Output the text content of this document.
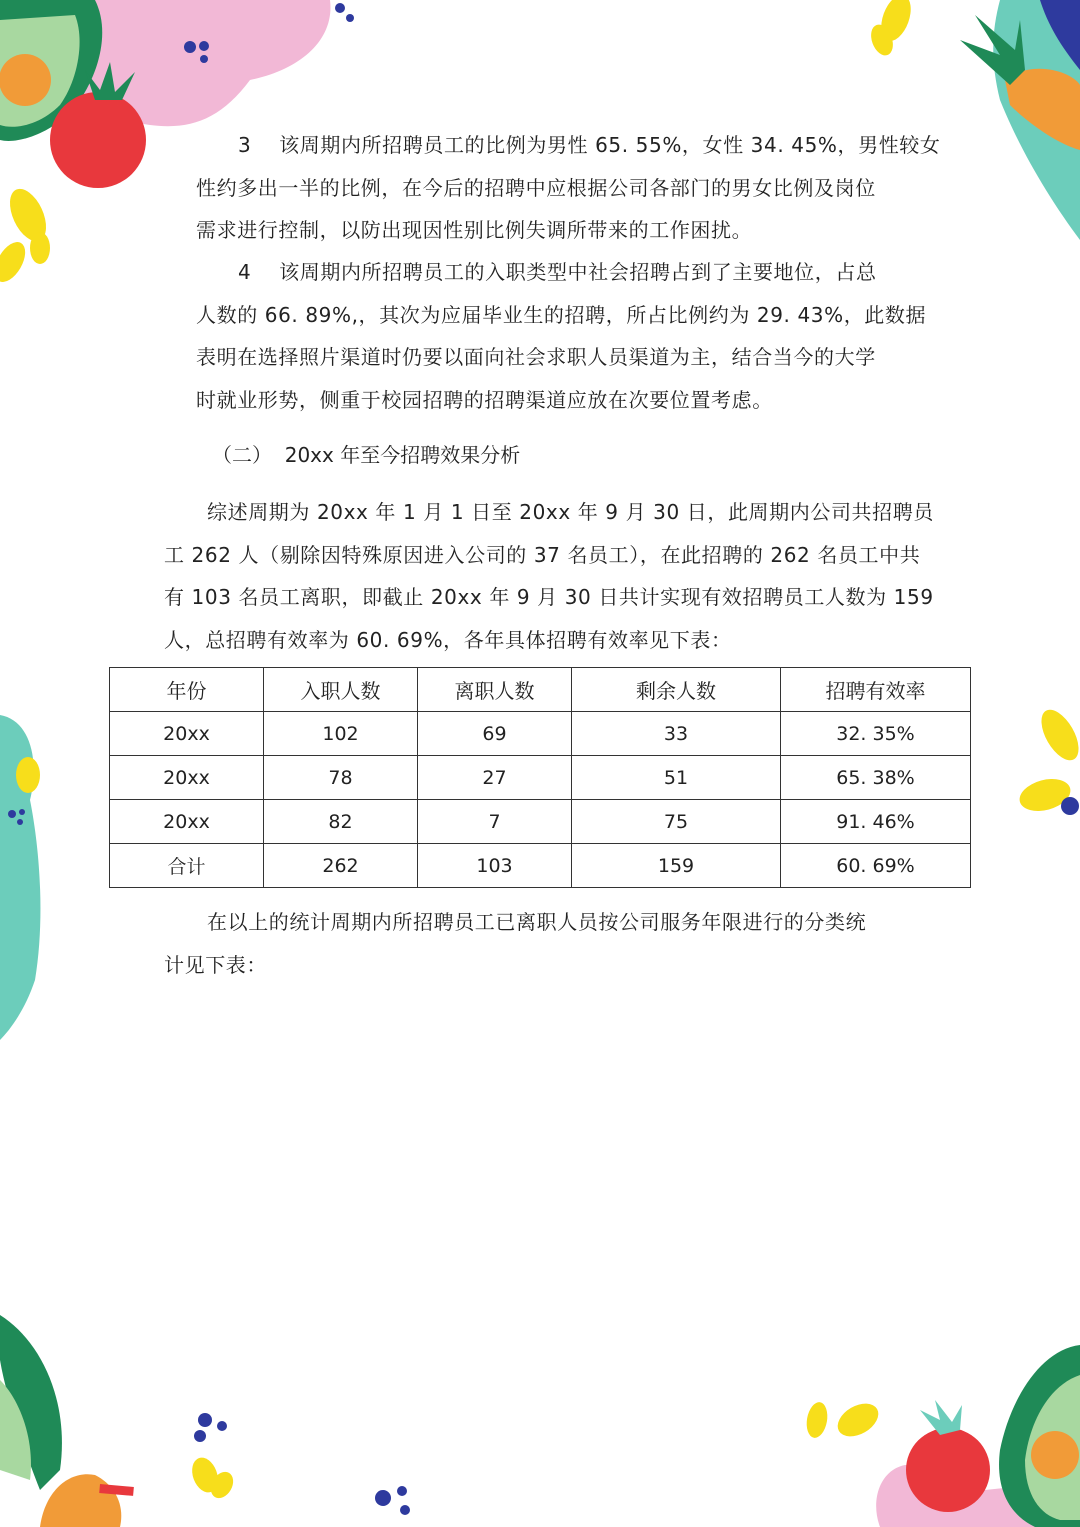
3    该周期内所招聘员工的比例为男性 65. 55%，女性 34. 45%，男性较女
性约多出一半的比例，在今后的招聘中应根据公司各部门的男女比例及岗位
需求进行控制，以防出现因性别比例失调所带来的工作困扰。
4    该周期内所招聘员工的入职类型中社会招聘占到了主要地位，占总
人数的 66. 89%,，其次为应届毕业生的招聘，所占比例约为 29. 43%，此数据
表明在选择照片渠道时仍要以面向社会求职人员渠道为主，结合当今的大学
时就业形势，侧重于校园招聘的招聘渠道应放在次要位置考虑。
（二）  20xx 年至今招聘效果分析
综述周期为 20xx 年 1 月 1 日至 20xx 年 9 月 30 日，此周期内公司共招聘员
工 262 人（剔除因特殊原因进入公司的 37 名员工），在此招聘的 262 名员工中共
有 103 名员工离职，即截止 20xx 年 9 月 30 日共计实现有效招聘员工人数为 159
人，总招聘有效率为 60. 69%，各年具体招聘有效率见下表：
年份	入职人数	离职人数	剩余人数	招聘有效率
20xx	102	69	33	32. 35%
20xx	78	27	51	65. 38%
20xx	82	7	75	91. 46%
合计	262	103	159	60. 69%
在以上的统计周期内所招聘员工已离职人员按公司服务年限进行的分类统
计见下表：
